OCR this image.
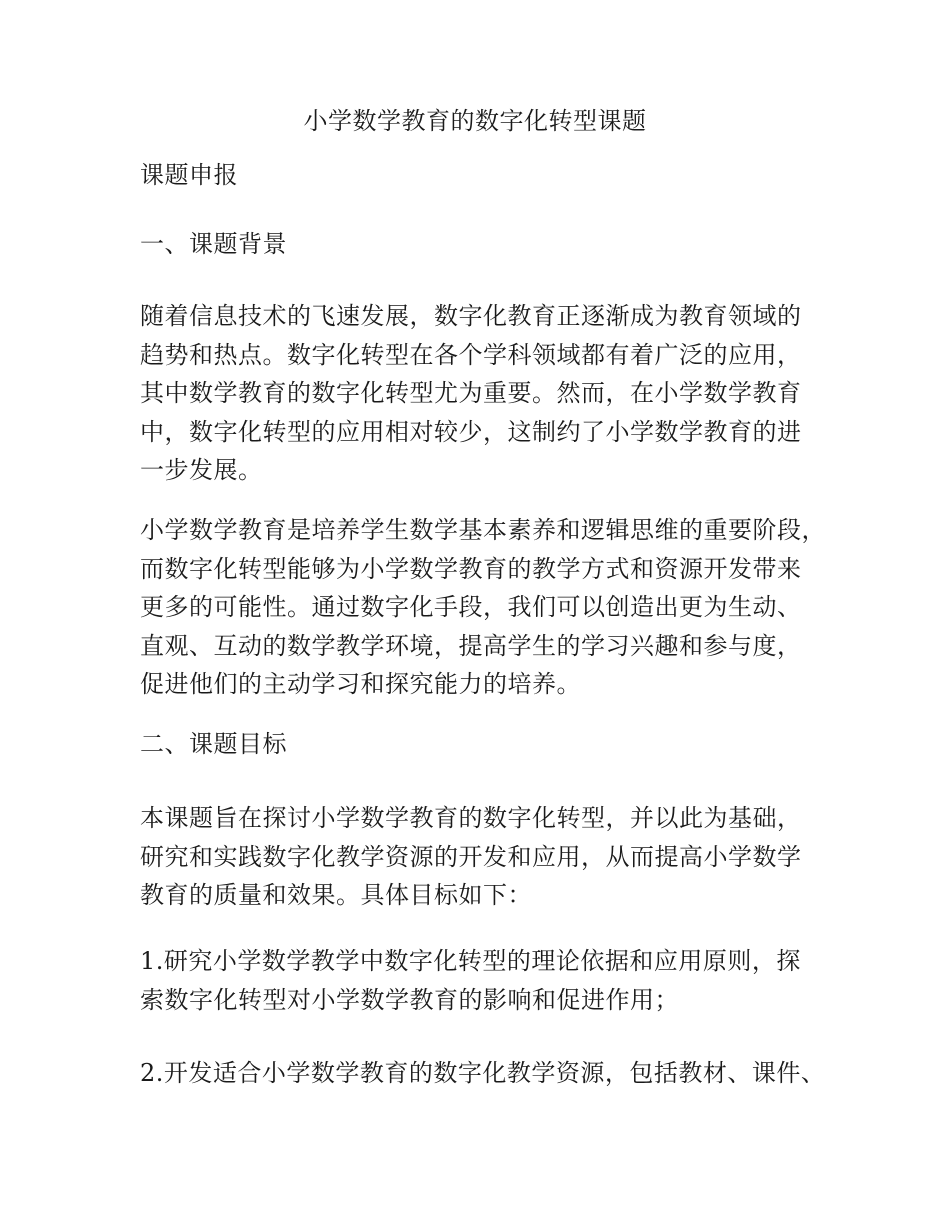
小学数学教育的数字化转型课题

课题申报

一、课题背景

随着信息技术的飞速发展，数字化教育正逐渐成为教育领域的
趋势和热点。数字化转型在各个学科领域都有着广泛的应用，
其中数学教育的数字化转型尤为重要。然而，在小学数学教育
中，数字化转型的应用相对较少，这制约了小学数学教育的进
一步发展。

小学数学教育是培养学生数学基本素养和逻辑思维的重要阶段，
而数字化转型能够为小学数学教育的教学方式和资源开发带来
更多的可能性。通过数字化手段，我们可以创造出更为生动、
直观、互动的数学教学环境，提高学生的学习兴趣和参与度，
促进他们的主动学习和探究能力的培养。

二、课题目标

本课题旨在探讨小学数学教育的数字化转型，并以此为基础，
研究和实践数字化教学资源的开发和应用，从而提高小学数学
教育的质量和效果。具体目标如下：

1.研究小学数学教学中数字化转型的理论依据和应用原则，探
索数字化转型对小学数学教育的影响和促进作用；

2.开发适合小学数学教育的数字化教学资源，包括教材、课件、
